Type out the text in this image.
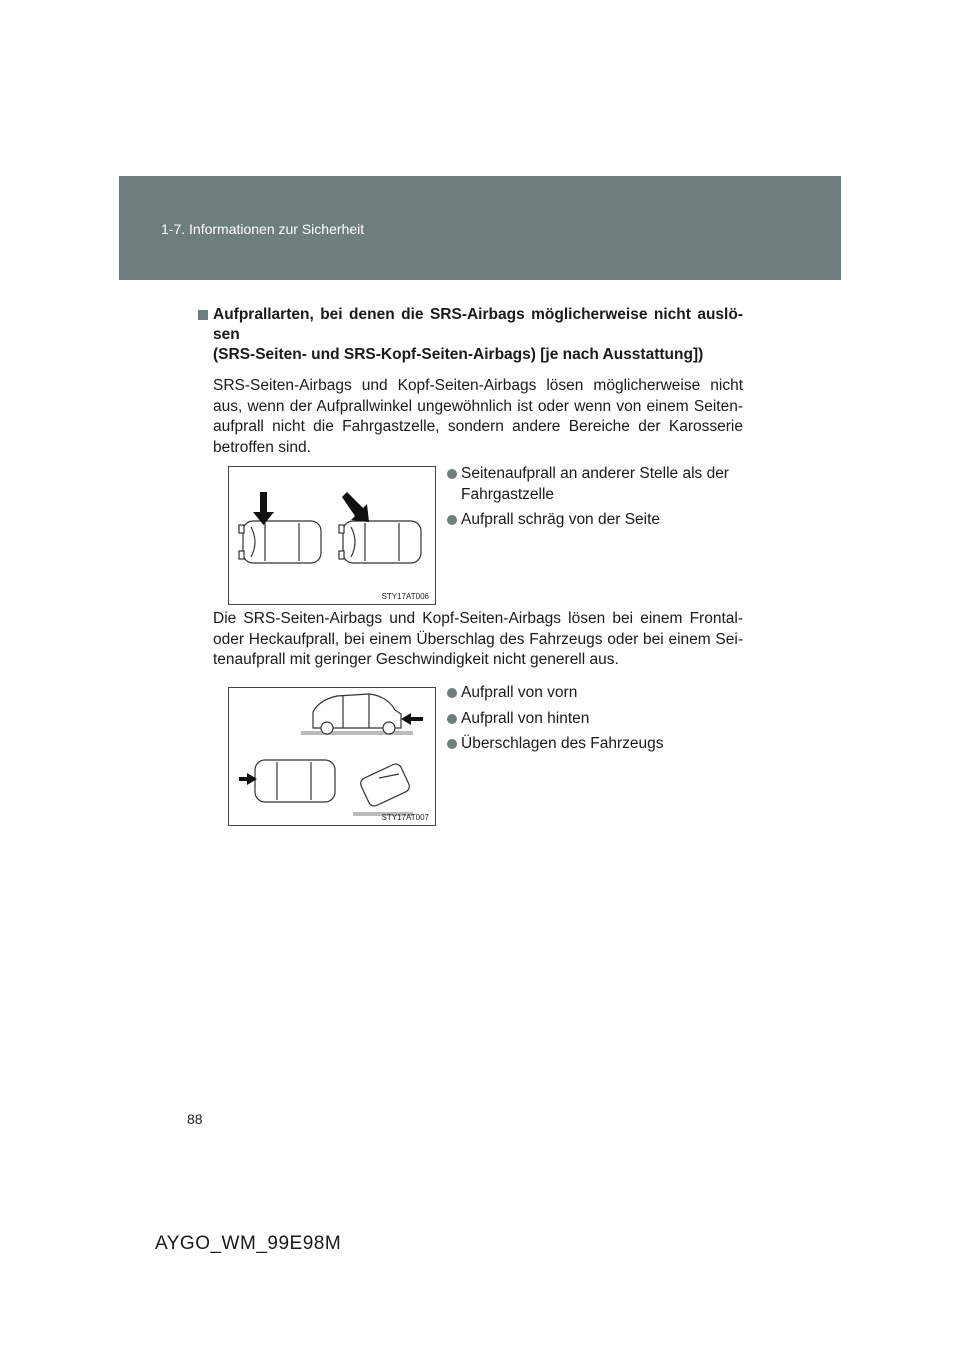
1-7. Informationen zur Sicherheit
Aufprallarten, bei denen die SRS-Airbags möglicherweise nicht auslö-sen
(SRS-Seiten- und SRS-Kopf-Seiten-Airbags) [je nach Ausstattung])

SRS-Seiten-Airbags und Kopf-Seiten-Airbags lösen möglicherweise nicht aus, wenn der Aufprallwinkel ungewöhnlich ist oder wenn von einem Seiten-aufprall nicht die Fahrgastzelle, sondern andere Bereiche der Karosserie betroffen sind.

STY17AT006
Seitenaufprall an anderer Stelle als der Fahrgastzelle
Aufprall schräg von der Seite

Die SRS-Seiten-Airbags und Kopf-Seiten-Airbags lösen bei einem Frontal- oder Heckaufprall, bei einem Überschlag des Fahrzeugs oder bei einem Sei-tenaufprall mit geringer Geschwindigkeit nicht generell aus.

STY17AT007
Aufprall von vorn
Aufprall von hinten
Überschlagen des Fahrzeugs
88
AYGO_WM_99E98M
